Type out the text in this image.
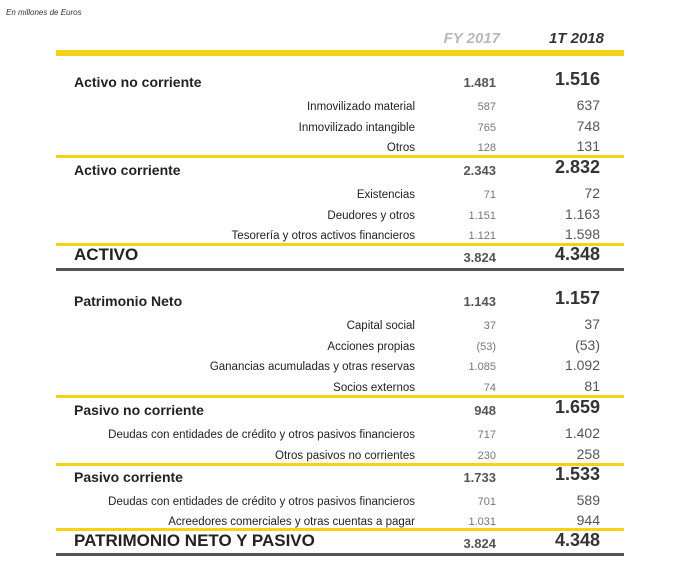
En millones de Euros
FY 2017	1T 2018
Activo no corriente	1.481	1.516
Inmovilizado material	587	637
Inmovilizado intangible	765	748
Otros	128	131
Activo corriente	2.343	2.832
Existencias	71	72
Deudores y otros	1.151	1.163
Tesorería y otros activos financieros	1.121	1.598
ACTIVO	3.824	4.348
Patrimonio Neto	1.143	1.157
Capital social	37	37
Acciones propias	(53)	(53)
Ganancias acumuladas y otras reservas	1.085	1.092
Socios externos	74	81
Pasivo no corriente	948	1.659
Deudas con entidades de crédito y otros pasivos financieros	717	1.402
Otros pasivos no corrientes	230	258
Pasivo corriente	1.733	1.533
Deudas con entidades de crédito y otros pasivos financieros	701	589
Acreedores comerciales y otras cuentas a pagar	1.031	944
PATRIMONIO NETO Y PASIVO	3.824	4.348
